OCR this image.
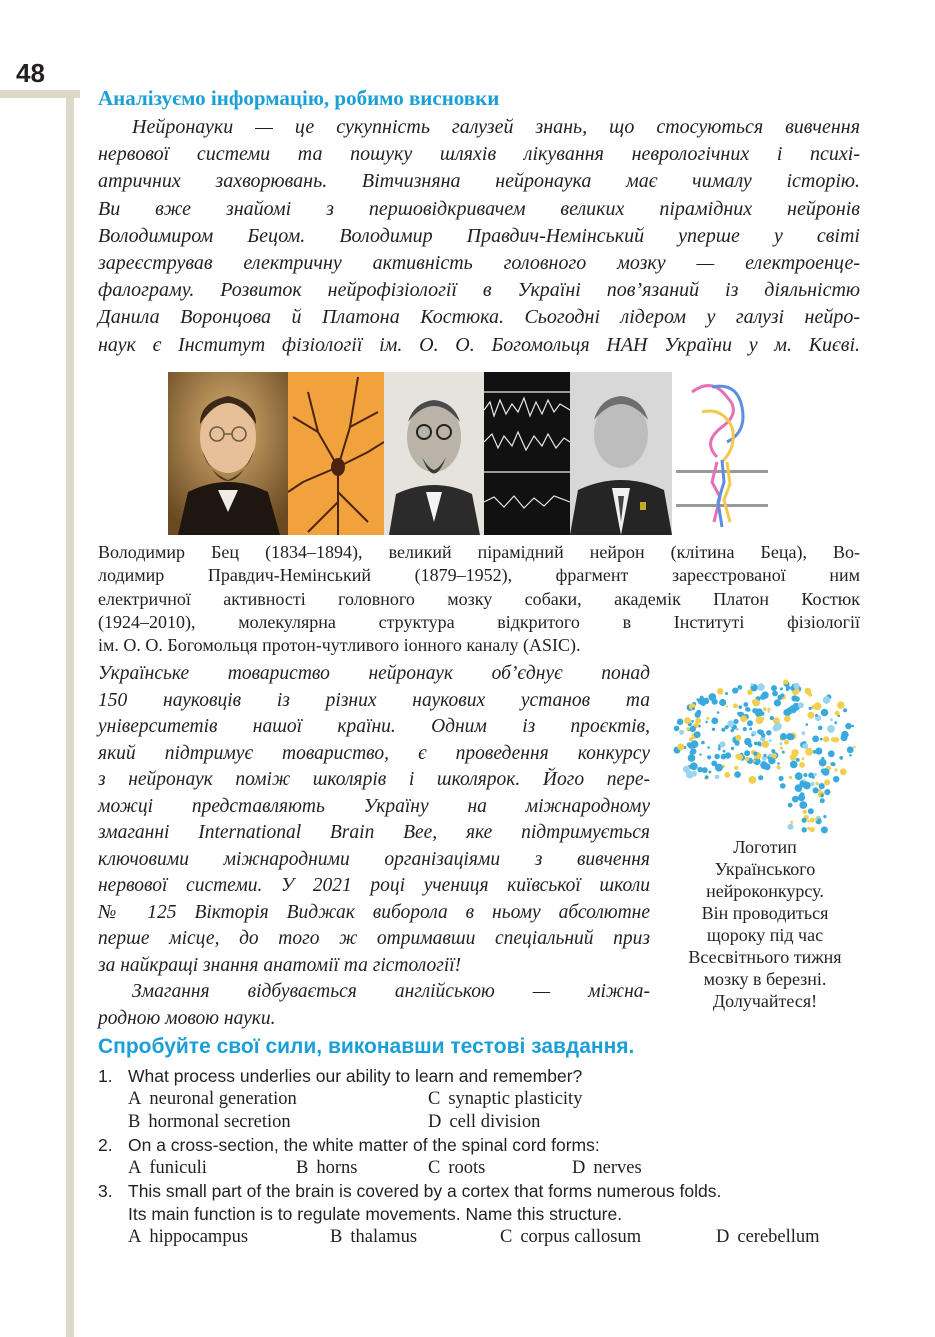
48
Аналізуємо інформацію, робимо висновки
Нейронауки — це сукупність галузей знань, що стосуються вивчення
нервової системи та пошуку шляхів лікування неврологічних і психі-
атричних захворювань. Вітчизняна нейронаука має чималу історію.
Ви вже знайомі з першовідкривачем великих пірамідних нейронів
Володимиром Бецом. Володимир Правдич-Немінський уперше у світі
зареєстрував електричну активність головного мозку — електроенце-
фалограму. Розвиток нейрофізіології в Україні пов’язаний із діяльністю
Данила Воронцова й Платона Костюка. Сьогодні лідером у галузі нейро-
наук є Інститут фізіології ім. О. О. Богомольця НАН України у м. Києві.
Володимир Бец (1834–1894), великий пірамідний нейрон (клітина Беца), Во-
лодимир Правдич-Немінський (1879–1952), фрагмент зареєстрованої ним
електричної активності головного мозку собаки, академік Платон Костюк
(1924–2010), молекулярна структура відкритого в Інституті фізіології
ім. О. О. Богомольця протон-чутливого іонного каналу (ASIC).
Українське товариство нейронаук об’єднує понад
150 науковців із різних наукових установ та
університетів нашої країни. Одним із проєктів,
який підтримує товариство, є проведення конкурсу
з нейронаук поміж школярів і школярок. Його пере-
можці представляють Україну на міжнародному
змаганні International Brain Bee, яке підтримується
ключовими міжнародними організаціями з вивчення
нервової системи. У 2021 році учениця київської школи
№ 125 Вікторія Виджак виборола в ньому абсолютне
перше місце, до того ж отримавши спеціальний приз
за найкращі знання анатомії та гістології!
Змагання відбувається англійською — міжна-
родною мовою науки.
Логотип
Українського
нейроконкурсу.
Він проводиться
щороку під час
Всесвітнього тижня
мозку в березні.
Долучайтеся!
Спробуйте свої сили, виконавши тестові завдання.
1. What process underlies our ability to learn and remember?
A neuronal generation	C synaptic plasticity
B hormonal secretion	D cell division
2. On a cross-section, the white matter of the spinal cord forms:
A funiculi	B horns	C roots	D nerves
3. This small part of the brain is covered by a cortex that forms numerous folds.
Its main function is to regulate movements. Name this structure.
A hippocampus	B thalamus	C corpus callosum	D cerebellum
